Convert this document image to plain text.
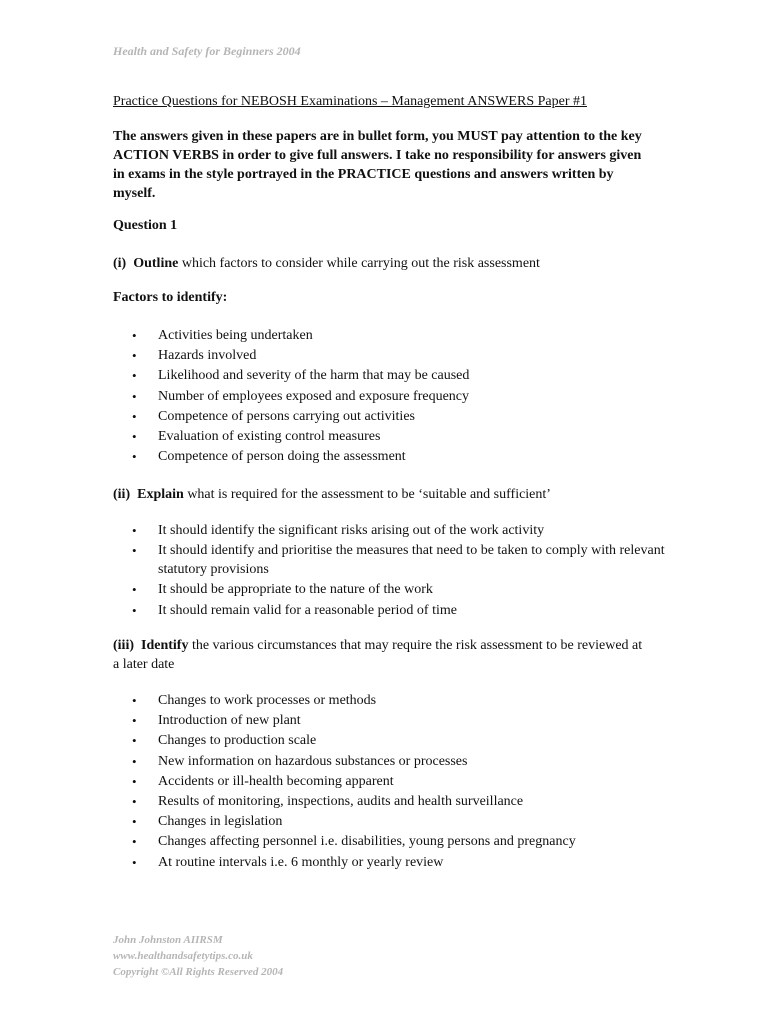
Health and Safety for Beginners 2004
Practice Questions for NEBOSH Examinations – Management ANSWERS Paper #1

The answers given in these papers are in bullet form, you MUST pay attention to the key ACTION VERBS in order to give full answers. I take no responsibility for answers given in exams in the style portrayed in the PRACTICE questions and answers written by myself.

Question 1
(i) Outline which factors to consider while carrying out the risk assessment
Factors to identify:
• Activities being undertaken
• Hazards involved
• Likelihood and severity of the harm that may be caused
• Number of employees exposed and exposure frequency
• Competence of persons carrying out activities
• Evaluation of existing control measures
• Competence of person doing the assessment
(ii) Explain what is required for the assessment to be ‘suitable and sufficient’
• It should identify the significant risks arising out of the work activity
• It should identify and prioritise the measures that need to be taken to comply with relevant statutory provisions
• It should be appropriate to the nature of the work
• It should remain valid for a reasonable period of time
(iii) Identify the various circumstances that may require the risk assessment to be reviewed at a later date
• Changes to work processes or methods
• Introduction of new plant
• Changes to production scale
• New information on hazardous substances or processes
• Accidents or ill-health becoming apparent
• Results of monitoring, inspections, audits and health surveillance
• Changes in legislation
• Changes affecting personnel i.e. disabilities, young persons and pregnancy
• At routine intervals i.e. 6 monthly or yearly review
John Johnston AIIRSM
www.healthandsafetytips.co.uk
Copyright ©All Rights Reserved 2004
